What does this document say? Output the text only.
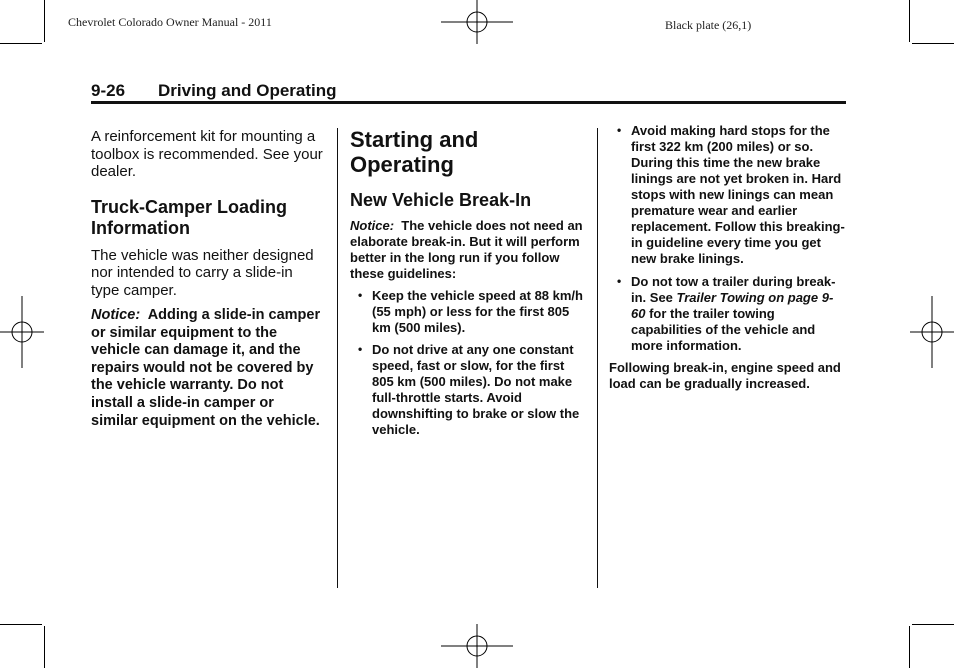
Chevrolet Colorado Owner Manual - 2011	Black plate (26,1)
9-26 Driving and Operating

A reinforcement kit for mounting a toolbox is recommended. See your dealer.

Truck-Camper Loading Information

The vehicle was neither designed nor intended to carry a slide-in type camper.

Notice: Adding a slide-in camper or similar equipment to the vehicle can damage it, and the repairs would not be covered by the vehicle warranty. Do not install a slide-in camper or similar equipment on the vehicle.

Starting and Operating

New Vehicle Break-In

Notice: The vehicle does not need an elaborate break-in. But it will perform better in the long run if you follow these guidelines:

• Keep the vehicle speed at 88 km/h (55 mph) or less for the first 805 km (500 miles).
• Do not drive at any one constant speed, fast or slow, for the first 805 km (500 miles). Do not make full-throttle starts. Avoid downshifting to brake or slow the vehicle.
• Avoid making hard stops for the first 322 km (200 miles) or so. During this time the new brake linings are not yet broken in. Hard stops with new linings can mean premature wear and earlier replacement. Follow this breaking-in guideline every time you get new brake linings.
• Do not tow a trailer during break-in. See Trailer Towing on page 9-60 for the trailer towing capabilities of the vehicle and more information.

Following break-in, engine speed and load can be gradually increased.
